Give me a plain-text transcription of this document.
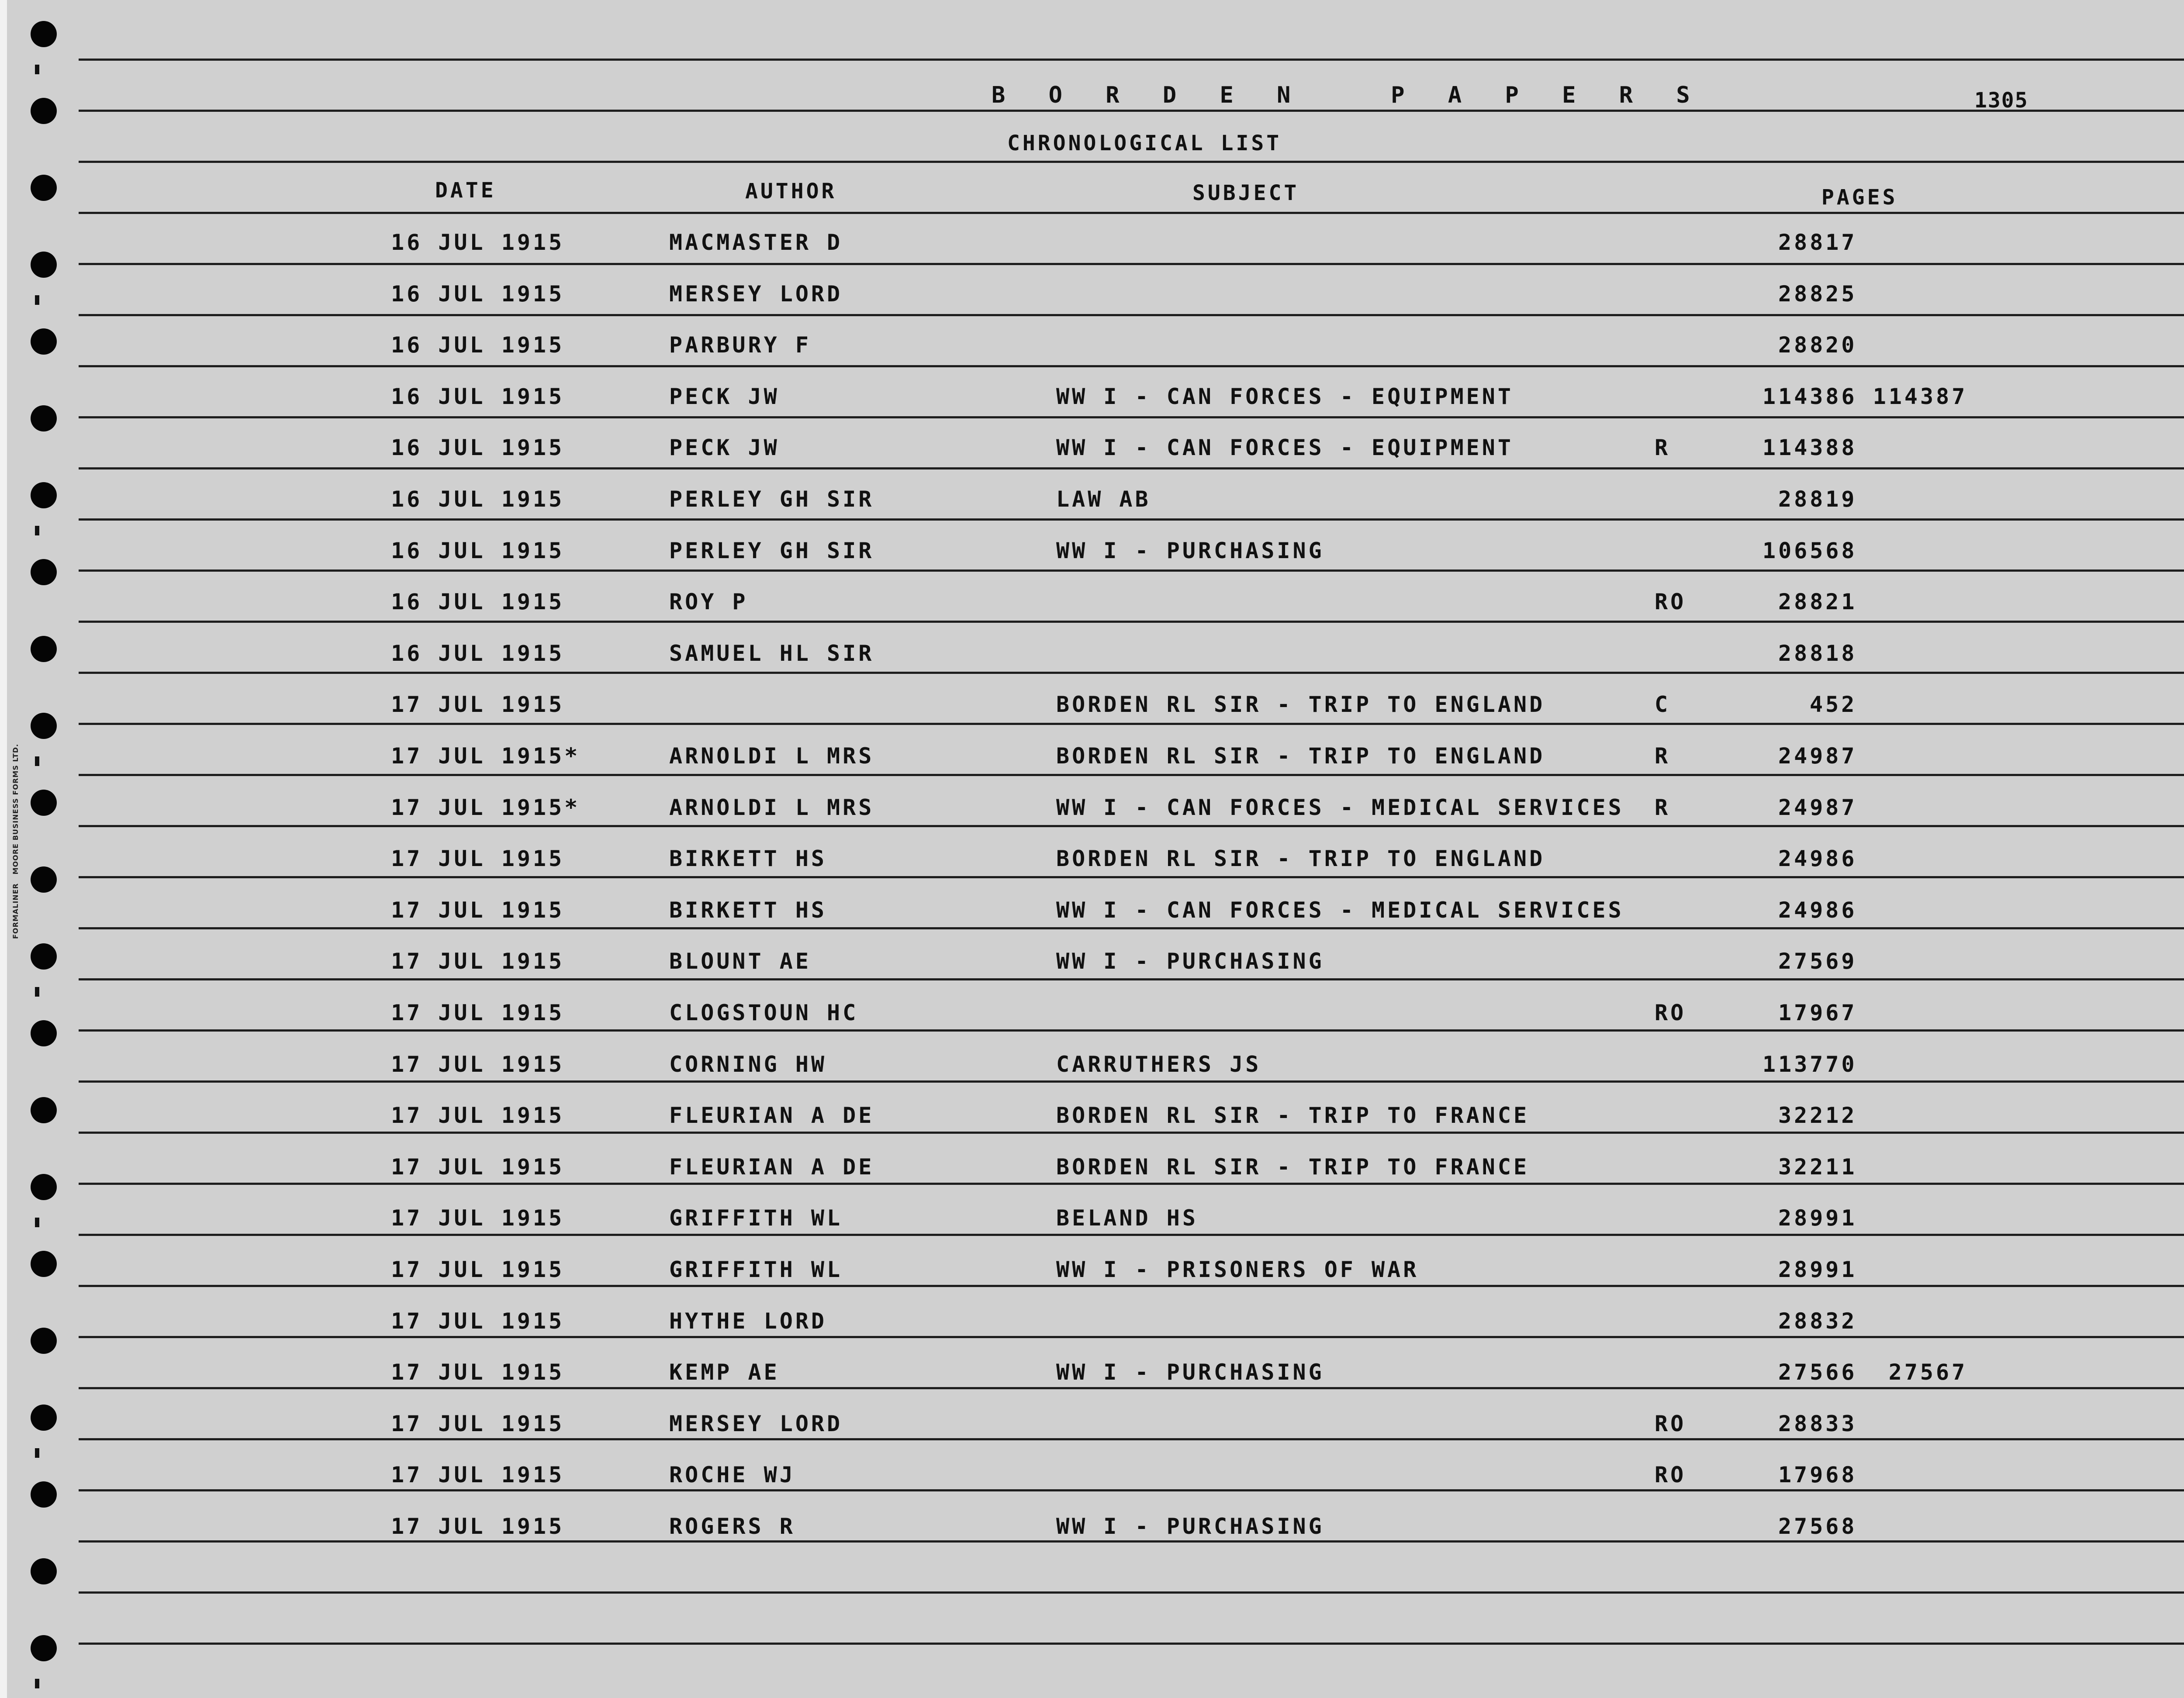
FORMALINER   MOORE BUSINESS FORMS LTD.
B O R D E N   P A P E R S	1305
CHRONOLOGICAL LIST
DATE	AUTHOR	SUBJECT	PAGES
16 JUL 1915	MACMASTER D	28817
16 JUL 1915	MERSEY LORD	28825
16 JUL 1915	PARBURY F	28820
16 JUL 1915	PECK JW	WW I - CAN FORCES - EQUIPMENT	114386 114387
16 JUL 1915	PECK JW	WW I - CAN FORCES - EQUIPMENT	R	114388
16 JUL 1915	PERLEY GH SIR	LAW AB	28819
16 JUL 1915	PERLEY GH SIR	WW I - PURCHASING	106568
16 JUL 1915	ROY P	RO	28821
16 JUL 1915	SAMUEL HL SIR	28818
17 JUL 1915	BORDEN RL SIR - TRIP TO ENGLAND	C	452
17 JUL 1915*	ARNOLDI L MRS	BORDEN RL SIR - TRIP TO ENGLAND	R	24987
17 JUL 1915*	ARNOLDI L MRS	WW I - CAN FORCES - MEDICAL SERVICES R	24987
17 JUL 1915	BIRKETT HS	BORDEN RL SIR - TRIP TO ENGLAND	24986
17 JUL 1915	BIRKETT HS	WW I - CAN FORCES - MEDICAL SERVICES	24986
17 JUL 1915	BLOUNT AE	WW I - PURCHASING	27569
17 JUL 1915	CLOGSTOUN HC	RO	17967
17 JUL 1915	CORNING HW	CARRUTHERS JS	113770
17 JUL 1915	FLEURIAN A DE	BORDEN RL SIR - TRIP TO FRANCE	32212
17 JUL 1915	FLEURIAN A DE	BORDEN RL SIR - TRIP TO FRANCE	32211
17 JUL 1915	GRIFFITH WL	BELAND HS	28991
17 JUL 1915	GRIFFITH WL	WW I - PRISONERS OF WAR	28991
17 JUL 1915	HYTHE LORD	28832
17 JUL 1915	KEMP AE	WW I - PURCHASING	27566  27567
17 JUL 1915	MERSEY LORD	RO	28833
17 JUL 1915	ROCHE WJ	RO	17968
17 JUL 1915	ROGERS R	WW I - PURCHASING	27568
